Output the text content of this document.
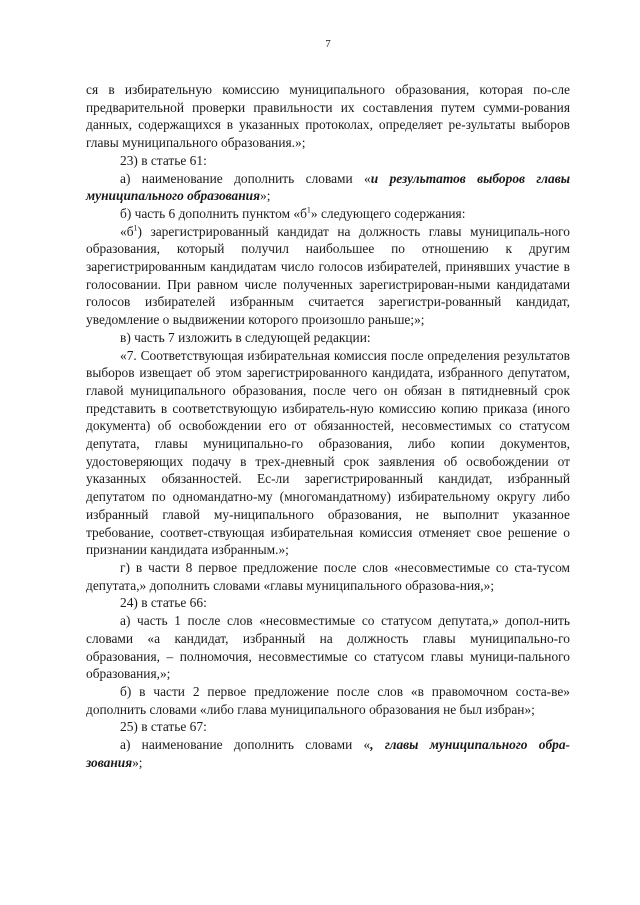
7

ся в избирательную комиссию муниципального образования, которая по-сле предварительной проверки правильности их составления путем сумми-рования данных, содержащихся в указанных протоколах, определяет ре-зультаты выборов главы муниципального образования.»;

23) в статье 61:

а) наименование дополнить словами «и результатов выборов главы муниципального образования»;

б) часть 6 дополнить пунктом «$б^1$» следующего содержания:

«$б^1$) зарегистрированный кандидат на должность главы муниципаль-ного образования, который получил наибольшее по отношению к другим зарегистрированным кандидатам число голосов избирателей, принявших участие в голосовании. При равном числе полученных зарегистрирован-ными кандидатами голосов избирателей избранным считается зарегистри-рованный кандидат, уведомление о выдвижении которого произошло раньше;»;

в) часть 7 изложить в следующей редакции:

«7. Соответствующая избирательная комиссия после определения результатов выборов извещает об этом зарегистрированного кандидата, избранного депутатом, главой муниципального образования, после чего он обязан в пятидневный срок представить в соответствующую избиратель-ную комиссию копию приказа (иного документа) об освобождении его от обязанностей, несовместимых со статусом депутата, главы муниципально-го образования, либо копии документов, удостоверяющих подачу в трех-дневный срок заявления об освобождении от указанных обязанностей. Ес-ли зарегистрированный кандидат, избранный депутатом по одномандатно-му (многомандатному) избирательному округу либо избранный главой му-ниципального образования, не выполнит указанное требование, соответ-ствующая избирательная комиссия отменяет свое решение о признании кандидата избранным.»;

г) в части 8 первое предложение после слов «несовместимые со ста-тусом депутата,» дополнить словами «главы муниципального образова-ния,»;

24) в статье 66:

а) часть 1 после слов «несовместимые со статусом депутата,» допол-нить словами «а кандидат, избранный на должность главы муниципально-го образования, – полномочия, несовместимые со статусом главы муници-пального образования,»;

б) в части 2 первое предложение после слов «в правомочном соста-ве» дополнить словами «либо глава муниципального образования не был избран»;

25) в статье 67:

а) наименование дополнить словами «, главы муниципального обра-зования»;
